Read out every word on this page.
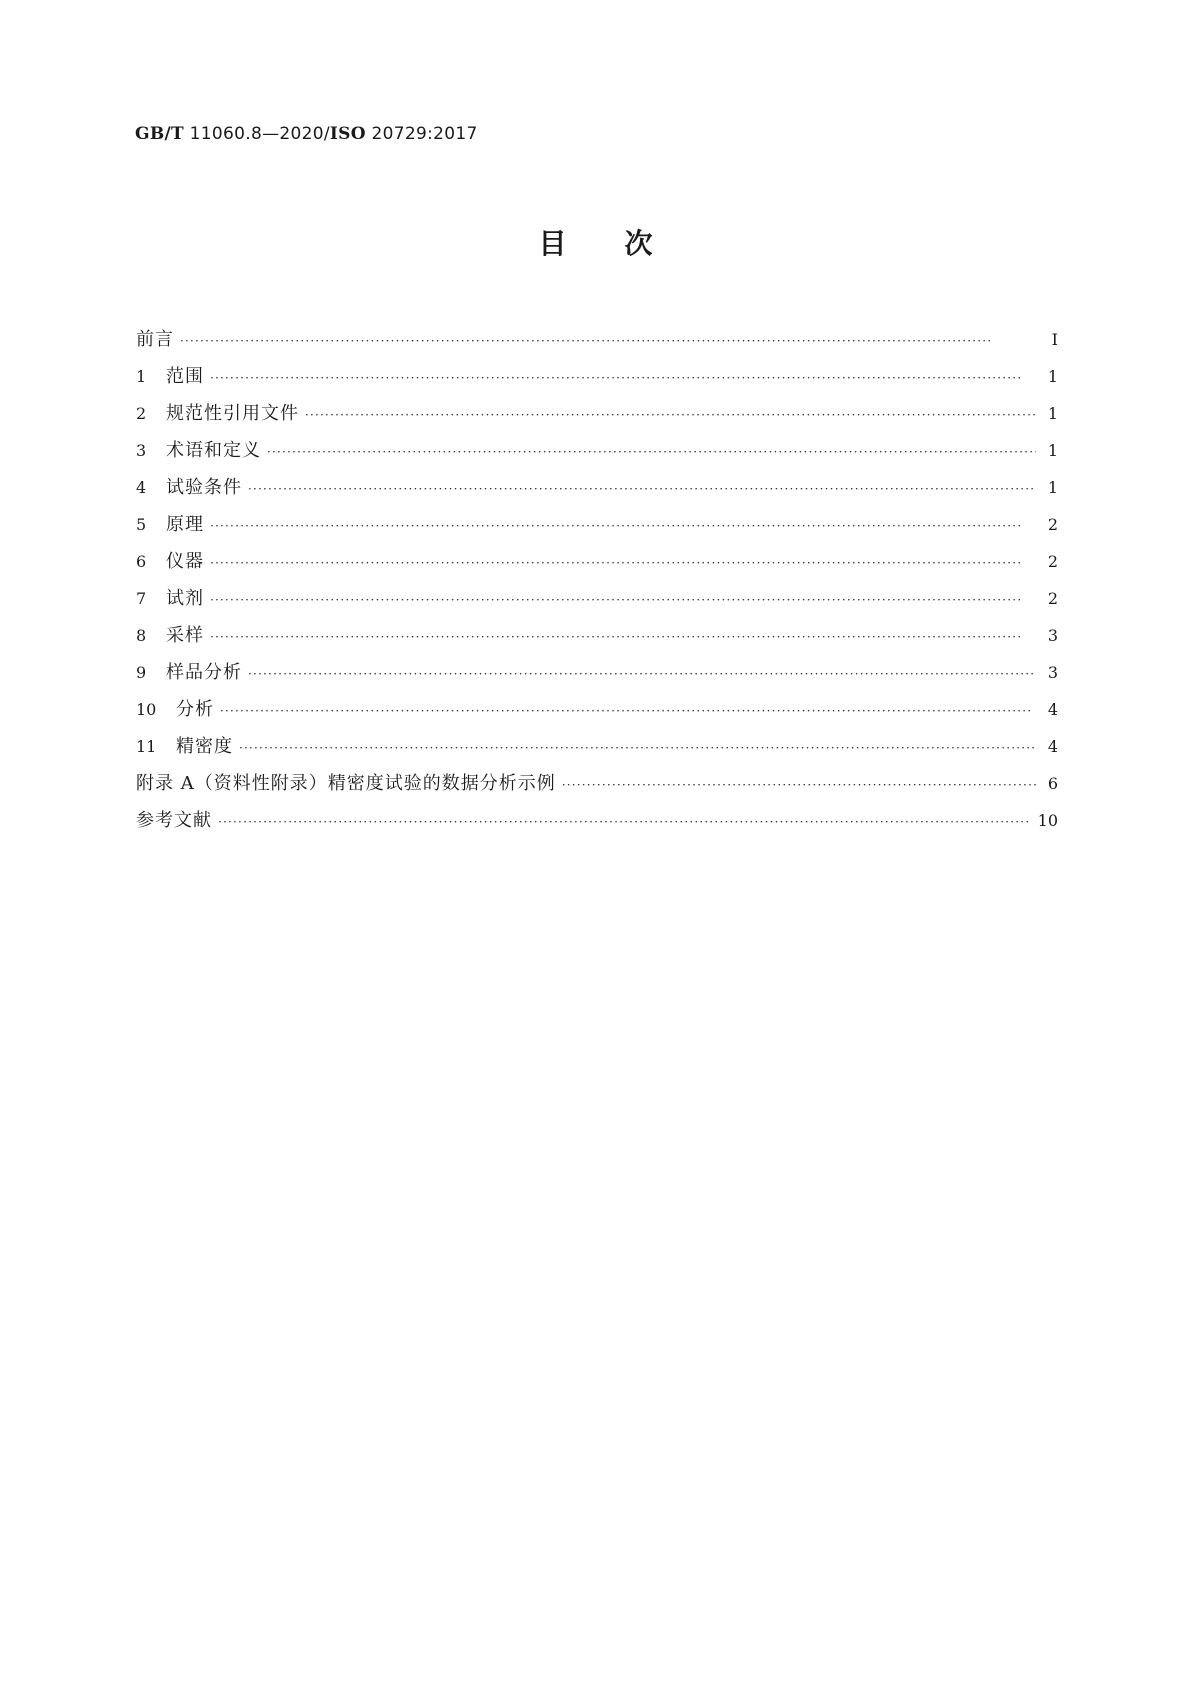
GB/T 11060.8—2020/ISO 20729:2017
目次
前言 ·····	Ⅰ
1	范围 ·····	1
2	规范性引用文件 ·····	1
3	术语和定义 ·····	1
4	试验条件 ·····	1
5	原理 ·····	2
6	仪器 ·····	2
7	试剂 ·····	2
8	采样 ·····	3
9	样品分析 ·····	3
10	分析 ·····	4
11	精密度 ·····	4
附录 A（资料性附录）精密度试验的数据分析示例 ·····	6
参考文献 ·····	10
